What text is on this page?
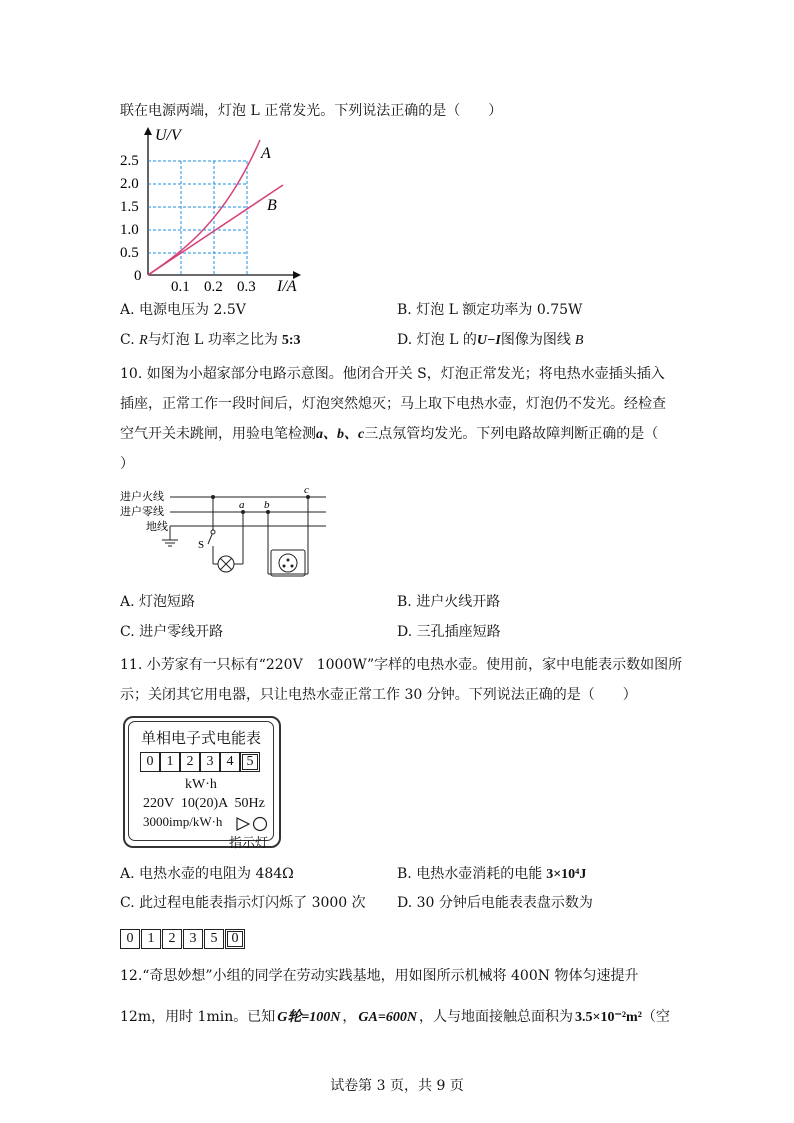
联在电源两端，灯泡 L 正常发光。下列说法正确的是（　　）
U/V
I/A
0
2.5
2.0
1.5
1.0
0.5
0.1 0.2 0.3
A
B
A. 电源电压为 2.5V	B. 灯泡 L 额定功率为 0.75W
C. R与灯泡 L 功率之比为 5:3	D. 灯泡 L 的U−I图像为图线 B
10. 如图为小超家部分电路示意图。他闭合开关 S，灯泡正常发光；将电热水壶插头插入
插座，正常工作一段时间后，灯泡突然熄灭；马上取下电热水壶，灯泡仍不发光。经检查
空气开关未跳闸，用验电笔检测a、b、c三点氖管均发光。下列电路故障判断正确的是（
）
进户火线
进户零线
地线
S
a b
c
A. 灯泡短路	B. 进户火线开路
C. 进户零线开路	D. 三孔插座短路
11. 小芳家有一只标有“220V　1000W”字样的电热水壶。使用前，家中电能表示数如图所
示；关闭其它用电器，只让电热水壶正常工作 30 分钟。下列说法正确的是（　　）
单相电子式电能表
0 1 2 3 4 5
kW·h
220V  10(20)A  50Hz
3000imp/kW·h
指示灯
A. 电热水壶的电阻为 484Ω	B. 电热水壶消耗的电能 3×10⁴J
C. 此过程电能表指示灯闪烁了 3000 次 D. 30 分钟后电能表表盘示数为
0	1	2	3	5	0
12.“奇思妙想”小组的同学在劳动实践基地，用如图所示机械将 400N 物体匀速提升
12m，用时 1min。已知 G轮=100N ， GA=600N ，人与地面接触总面积为 3.5×10⁻²m²（空
试卷第 3 页，共 9 页
